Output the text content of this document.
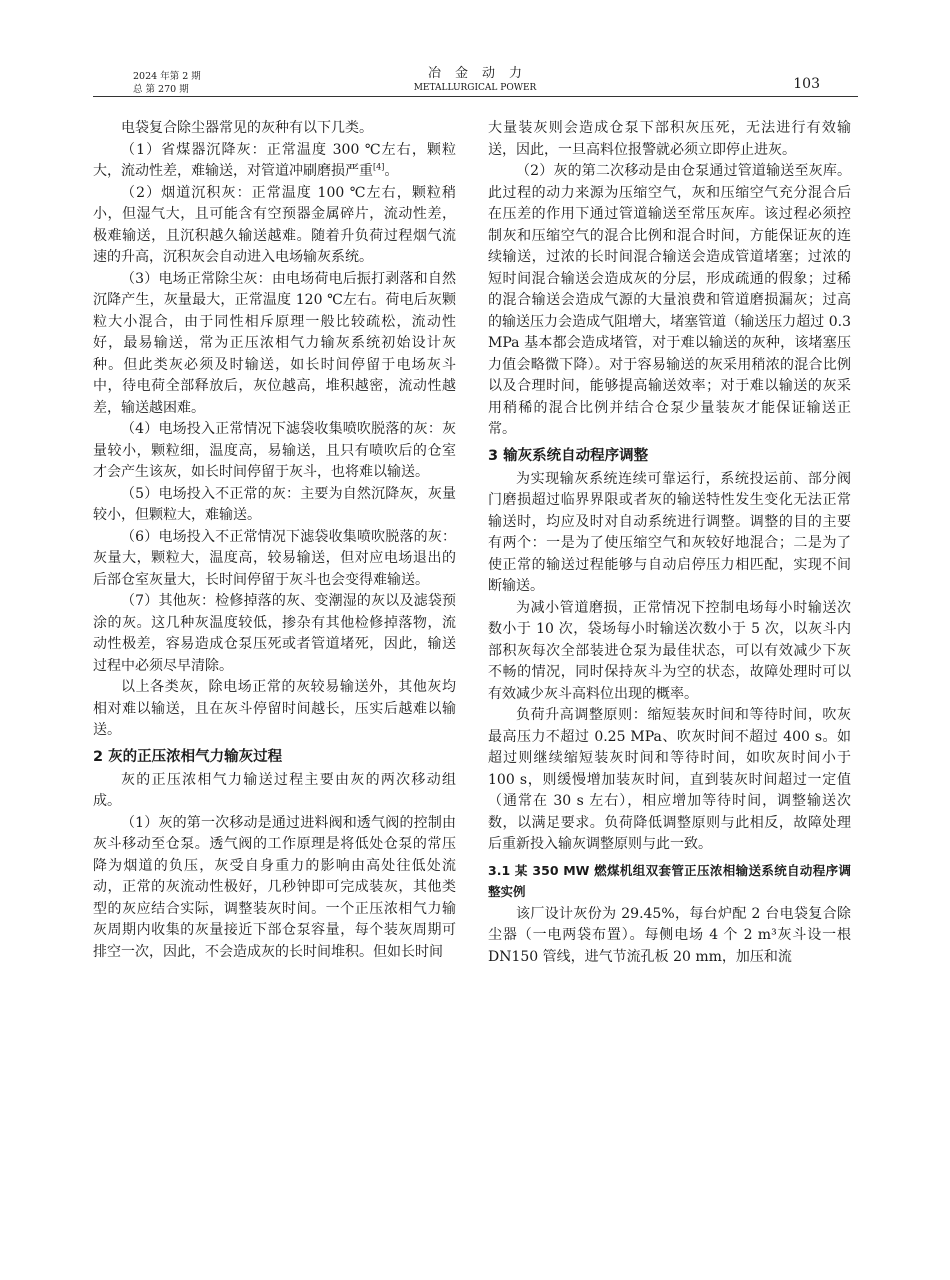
2024 年第 2 期
总 第 270 期
冶金动力
METALLURGICAL POWER	103

电袋复合除尘器常见的灰种有以下几类。

（1）省煤器沉降灰：正常温度 300 ℃左右，颗粒大，流动性差，难输送，对管道冲刷磨损严重[4]。

（2）烟道沉积灰：正常温度 100 ℃左右，颗粒稍小，但湿气大，且可能含有空预器金属碎片，流动性差，极难输送，且沉积越久输送越难。随着升负荷过程烟气流速的升高，沉积灰会自动进入电场输灰系统。

（3）电场正常除尘灰：由电场荷电后振打剥落和自然沉降产生，灰量最大，正常温度 120 ℃左右。荷电后灰颗粒大小混合，由于同性相斥原理一般比较疏松，流动性好，最易输送，常为正压浓相气力输灰系统初始设计灰种。但此类灰必须及时输送，如长时间停留于电场灰斗中，待电荷全部释放后，灰位越高，堆积越密，流动性越差，输送越困难。

（4）电场投入正常情况下滤袋收集喷吹脱落的灰：灰量较小，颗粒细，温度高，易输送，且只有喷吹后的仓室才会产生该灰，如长时间停留于灰斗，也将难以输送。

（5）电场投入不正常的灰：主要为自然沉降灰，灰量较小，但颗粒大，难输送。

（6）电场投入不正常情况下滤袋收集喷吹脱落的灰：灰量大，颗粒大，温度高，较易输送，但对应电场退出的后部仓室灰量大，长时间停留于灰斗也会变得难输送。

（7）其他灰：检修掉落的灰、变潮湿的灰以及滤袋预涂的灰。这几种灰温度较低，掺杂有其他检修掉落物，流动性极差，容易造成仓泵压死或者管道堵死，因此，输送过程中必须尽早清除。

以上各类灰，除电场正常的灰较易输送外，其他灰均相对难以输送，且在灰斗停留时间越长，压实后越难以输送。

2 灰的正压浓相气力输灰过程

灰的正压浓相气力输送过程主要由灰的两次移动组成。

（1）灰的第一次移动是通过进料阀和透气阀的控制由灰斗移动至仓泵。透气阀的工作原理是将低处仓泵的常压降为烟道的负压，灰受自身重力的影响由高处往低处流动，正常的灰流动性极好，几秒钟即可完成装灰，其他类型的灰应结合实际，调整装灰时间。一个正压浓相气力输灰周期内收集的灰量接近下部仓泵容量，每个装灰周期可排空一次，因此，不会造成灰的长时间堆积。但如长时间

大量装灰则会造成仓泵下部积灰压死，无法进行有效输送，因此，一旦高料位报警就必须立即停止进灰。

（2）灰的第二次移动是由仓泵通过管道输送至灰库。此过程的动力来源为压缩空气，灰和压缩空气充分混合后在压差的作用下通过管道输送至常压灰库。该过程必须控制灰和压缩空气的混合比例和混合时间，方能保证灰的连续输送，过浓的长时间混合输送会造成管道堵塞；过浓的短时间混合输送会造成灰的分层，形成疏通的假象；过稀的混合输送会造成气源的大量浪费和管道磨损漏灰；过高的输送压力会造成气阻增大，堵塞管道（输送压力超过 0.3 MPa 基本都会造成堵管，对于难以输送的灰种，该堵塞压力值会略微下降）。对于容易输送的灰采用稍浓的混合比例以及合理时间，能够提高输送效率；对于难以输送的灰采用稍稀的混合比例并结合仓泵少量装灰才能保证输送正常。

3 输灰系统自动程序调整

为实现输灰系统连续可靠运行，系统投运前、部分阀门磨损超过临界界限或者灰的输送特性发生变化无法正常输送时，均应及时对自动系统进行调整。调整的目的主要有两个：一是为了使压缩空气和灰较好地混合；二是为了使正常的输送过程能够与自动启停压力相匹配，实现不间断输送。

为减小管道磨损，正常情况下控制电场每小时输送次数小于 10 次，袋场每小时输送次数小于 5 次，以灰斗内部积灰每次全部装进仓泵为最佳状态，可以有效减少下灰不畅的情况，同时保持灰斗为空的状态，故障处理时可以有效减少灰斗高料位出现的概率。

负荷升高调整原则：缩短装灰时间和等待时间，吹灰最高压力不超过 0.25 MPa、吹灰时间不超过 400 s。如超过则继续缩短装灰时间和等待时间，如吹灰时间小于 100 s，则缓慢增加装灰时间，直到装灰时间超过一定值（通常在 30 s 左右），相应增加等待时间，调整输送次数，以满足要求。负荷降低调整原则与此相反，故障处理后重新投入输灰调整原则与此一致。

3.1 某 350 MW 燃煤机组双套管正压浓相输送系统自动程序调整实例

该厂设计灰份为 29.45%，每台炉配 2 台电袋复合除尘器（一电两袋布置）。每侧电场 4 个 2 m³灰斗设一根 DN150 管线，进气节流孔板 20 mm，加压和流
